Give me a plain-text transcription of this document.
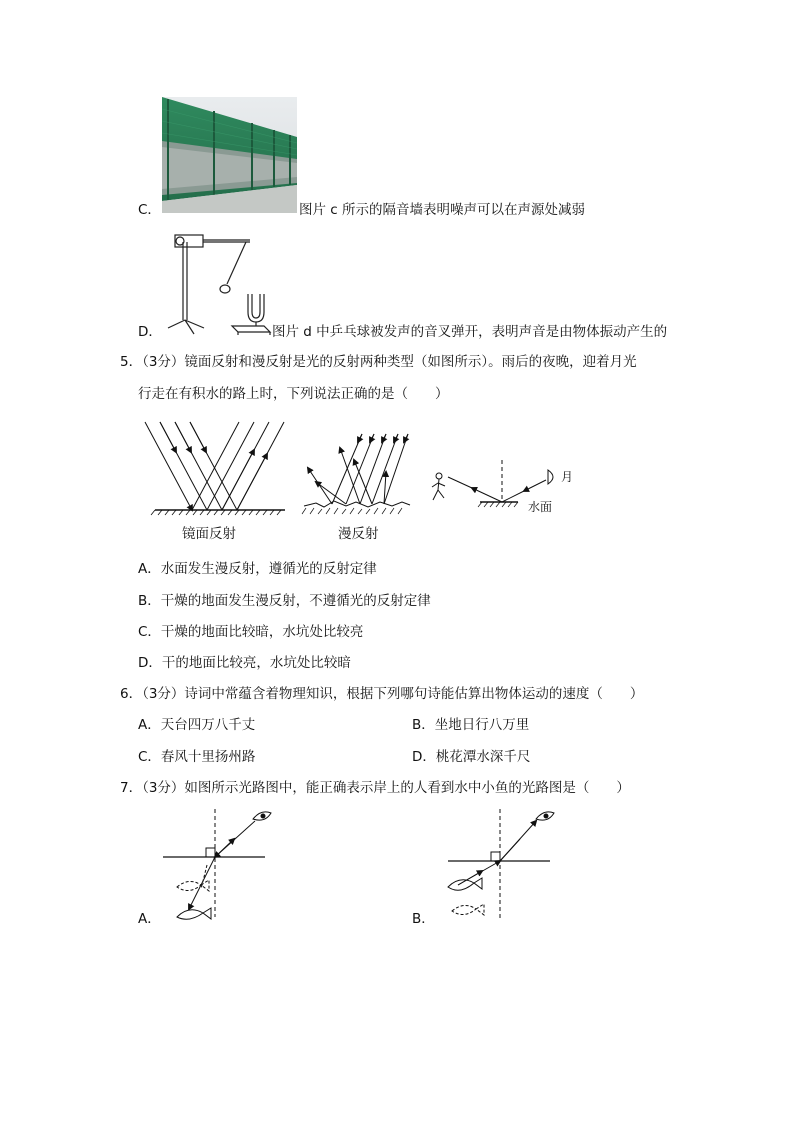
C．	图片 c 所示的隔音墙表明噪声可以在声源处减弱
D．	图片 d 中乒乓球被发声的音叉弹开，表明声音是由物体振动产生的
5．（3分）镜面反射和漫反射是光的反射两种类型（如图所示）。雨后的夜晚，迎着月光
行走在有积水的路上时，下列说法正确的是（　　）
镜面反射	漫反射
月
水面
A．水面发生漫反射，遵循光的反射定律
B．干燥的地面发生漫反射，不遵循光的反射定律
C．干燥的地面比较暗，水坑处比较亮
D．干的地面比较亮，水坑处比较暗
6．（3分）诗词中常蕴含着物理知识，根据下列哪句诗能估算出物体运动的速度（　　）
A．天台四万八千丈	B．坐地日行八万里
C．春风十里扬州路	D．桃花潭水深千尺
7．（3分）如图所示光路图中，能正确表示岸上的人看到水中小鱼的光路图是（　　）
A．	B．
